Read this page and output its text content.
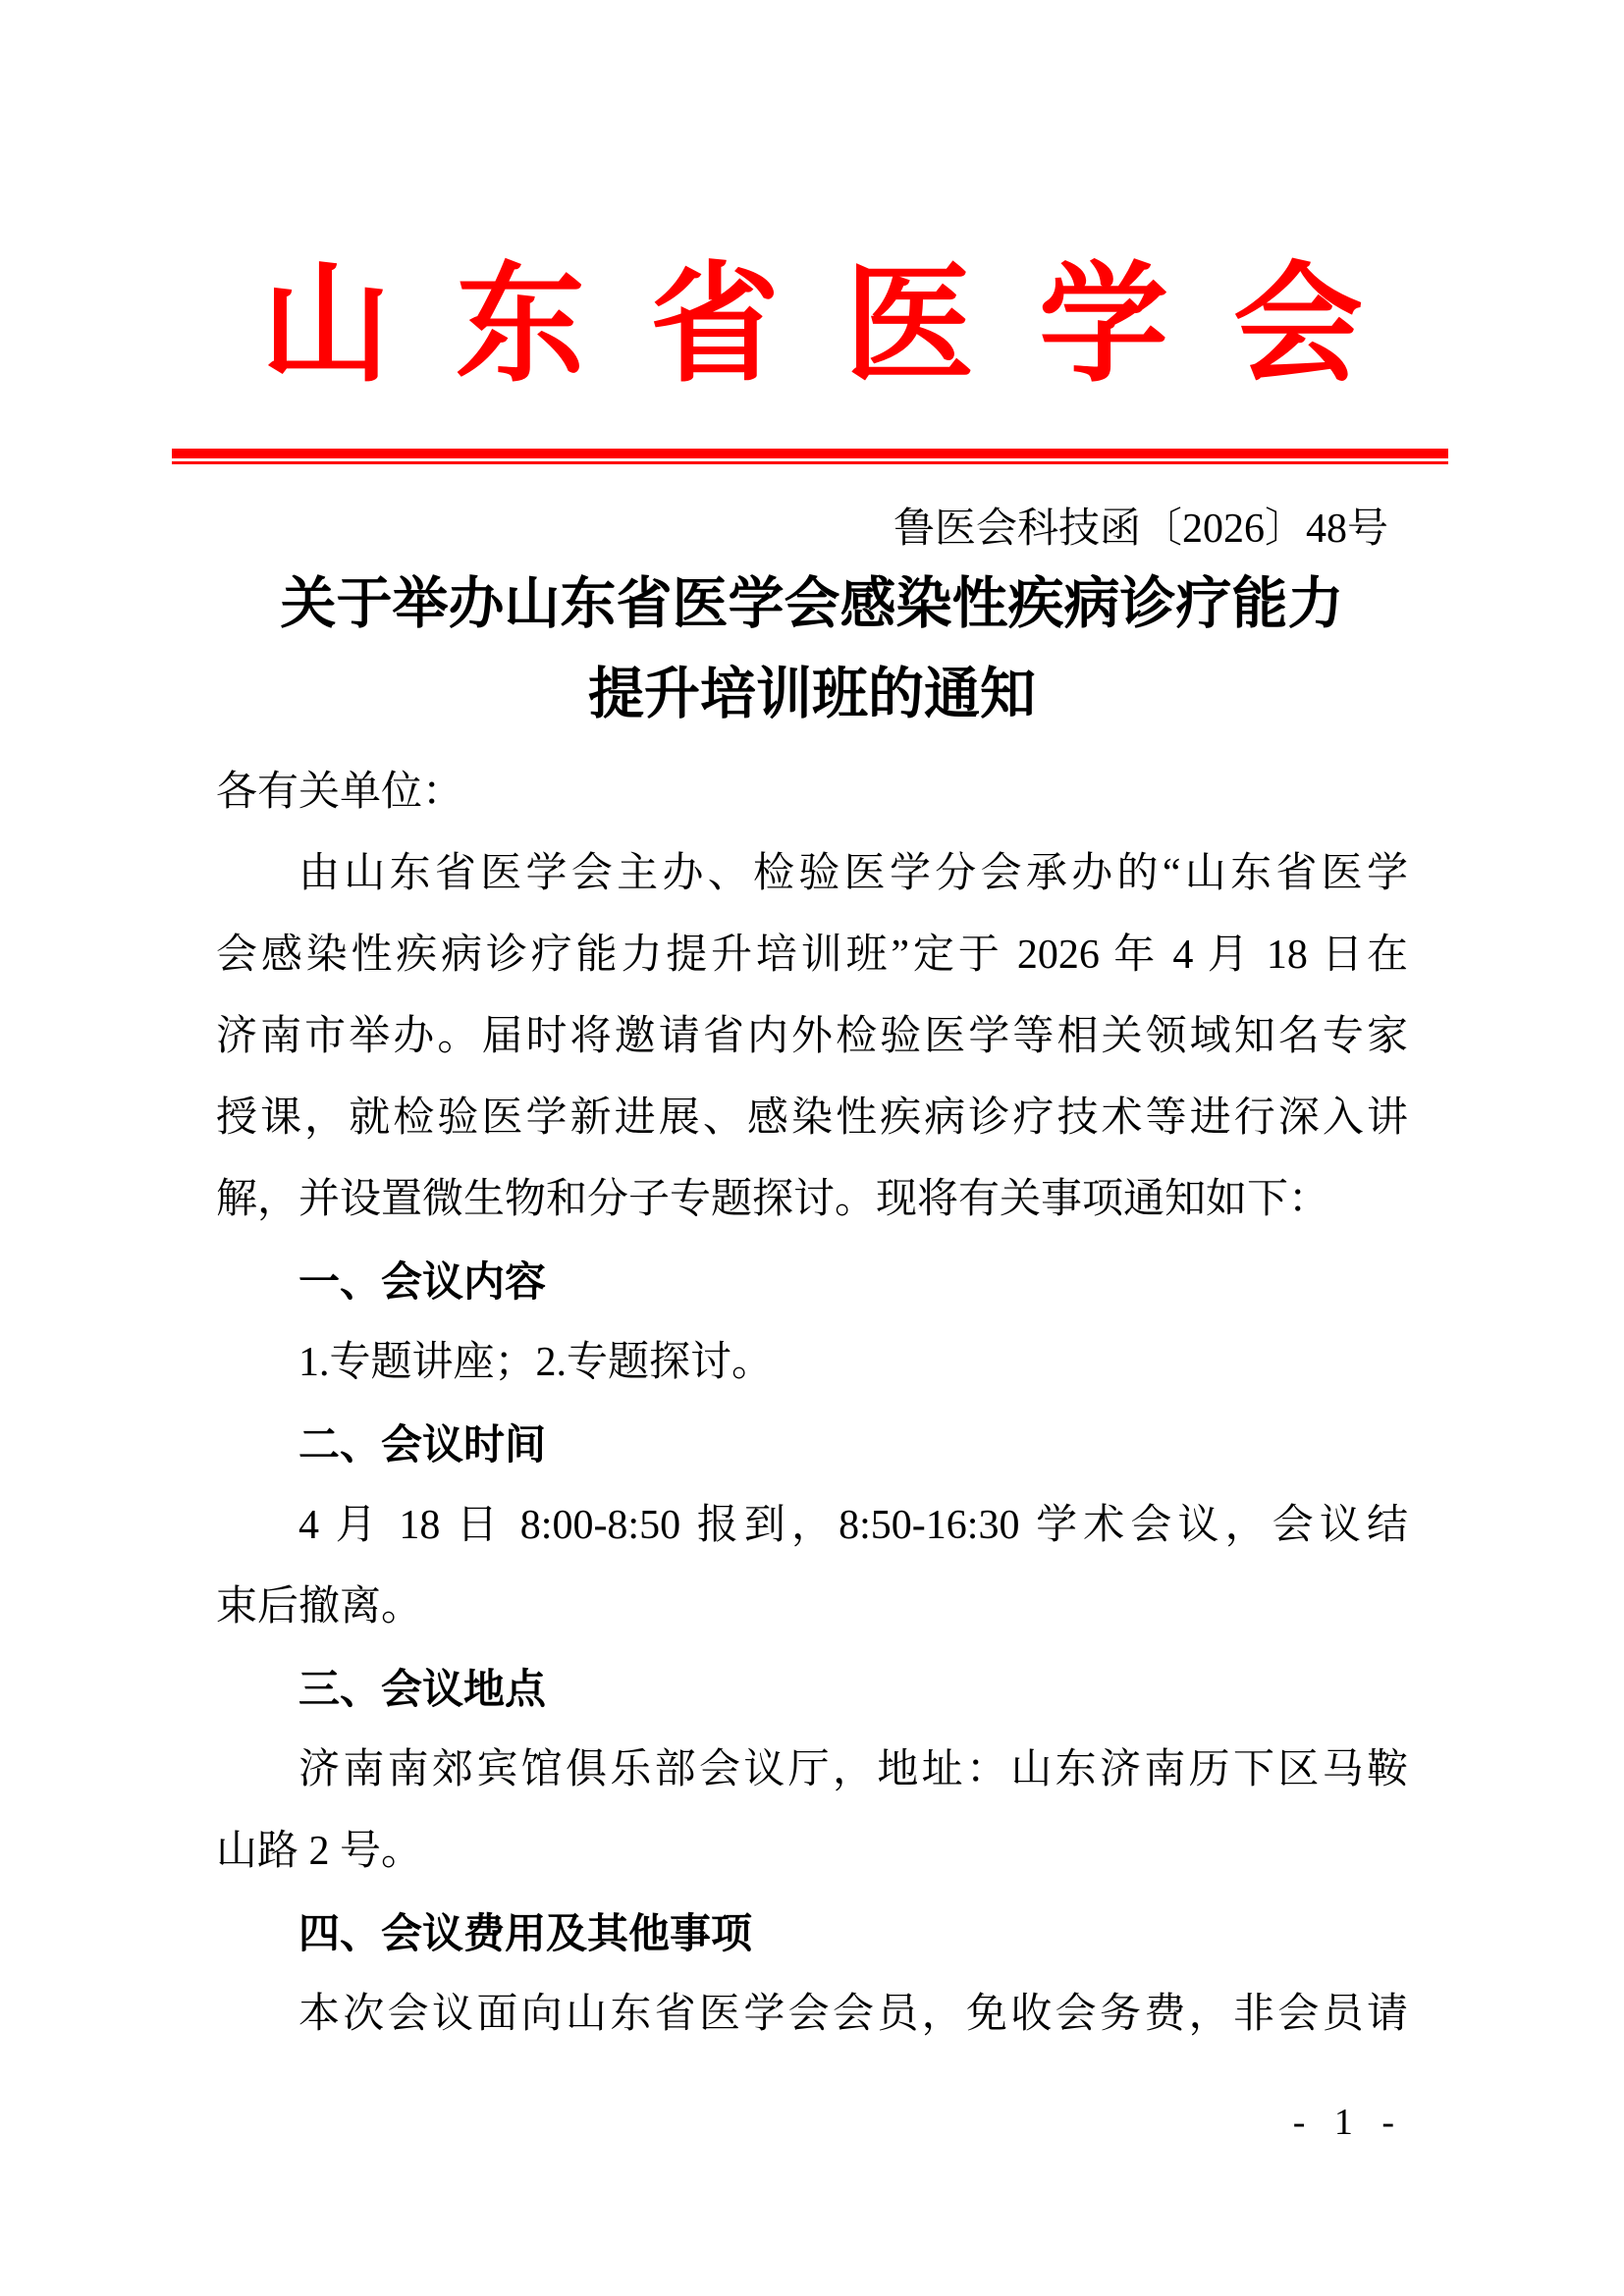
山东省医学会
鲁医会科技函〔2026〕48号
关于举办山东省医学会感染性疾病诊疗能力
提升培训班的通知
各有关单位：
由山东省医学会主办、检验医学分会承办的“山东省医学
会感染性疾病诊疗能力提升培训班”定于 2026 年 4 月 18 日在
济南市举办。届时将邀请省内外检验医学等相关领域知名专家
授课，就检验医学新进展、感染性疾病诊疗技术等进行深入讲
解，并设置微生物和分子专题探讨。现将有关事项通知如下：
一、会议内容
1.专题讲座；2.专题探讨。
二、会议时间
4 月 18 日 8:00-8:50 报到，8:50-16:30 学术会议，会议结
束后撤离。
三、会议地点
济南南郊宾馆俱乐部会议厅，地址：山东济南历下区马鞍
山路 2 号。
四、会议费用及其他事项
本次会议面向山东省医学会会员，免收会务费，非会员请
- 1 -
